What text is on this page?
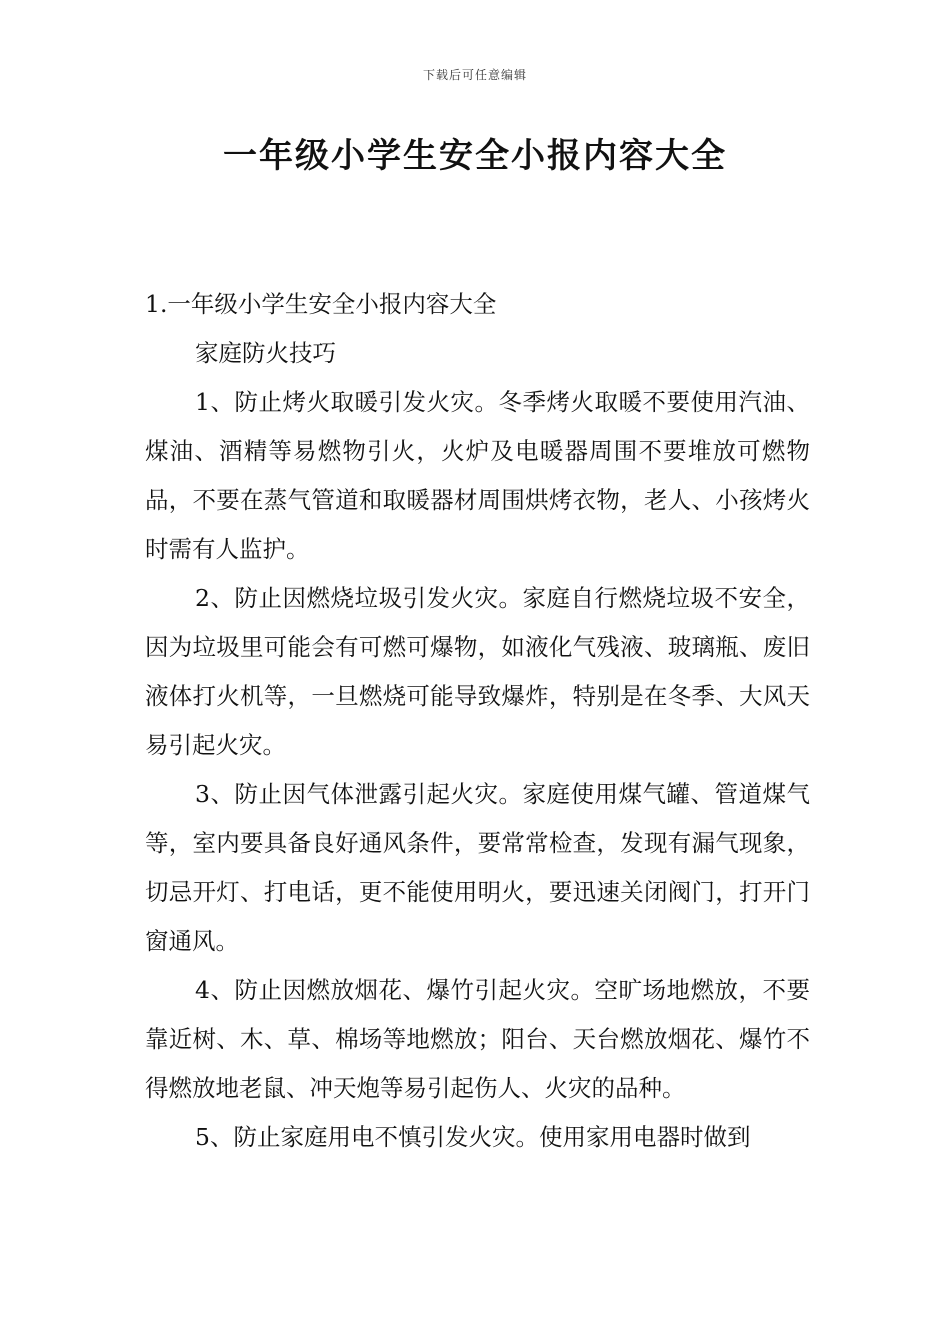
下载后可任意编辑
一年级小学生安全小报内容大全

1.一年级小学生安全小报内容大全

家庭防火技巧

1、防止烤火取暖引发火灾。冬季烤火取暖不要使用汽油、煤油、酒精等易燃物引火，火炉及电暖器周围不要堆放可燃物品，不要在蒸气管道和取暖器材周围烘烤衣物，老人、小孩烤火时需有人监护。

2、防止因燃烧垃圾引发火灾。家庭自行燃烧垃圾不安全，因为垃圾里可能会有可燃可爆物，如液化气残液、玻璃瓶、废旧液体打火机等，一旦燃烧可能导致爆炸，特别是在冬季、大风天易引起火灾。

3、防止因气体泄露引起火灾。家庭使用煤气罐、管道煤气等，室内要具备良好通风条件，要常常检查，发现有漏气现象，切忌开灯、打电话，更不能使用明火，要迅速关闭阀门，打开门窗通风。

4、防止因燃放烟花、爆竹引起火灾。空旷场地燃放，不要靠近树、木、草、棉场等地燃放；阳台、天台燃放烟花、爆竹不得燃放地老鼠、冲天炮等易引起伤人、火灾的品种。

5、防止家庭用电不慎引发火灾。使用家用电器时做到
